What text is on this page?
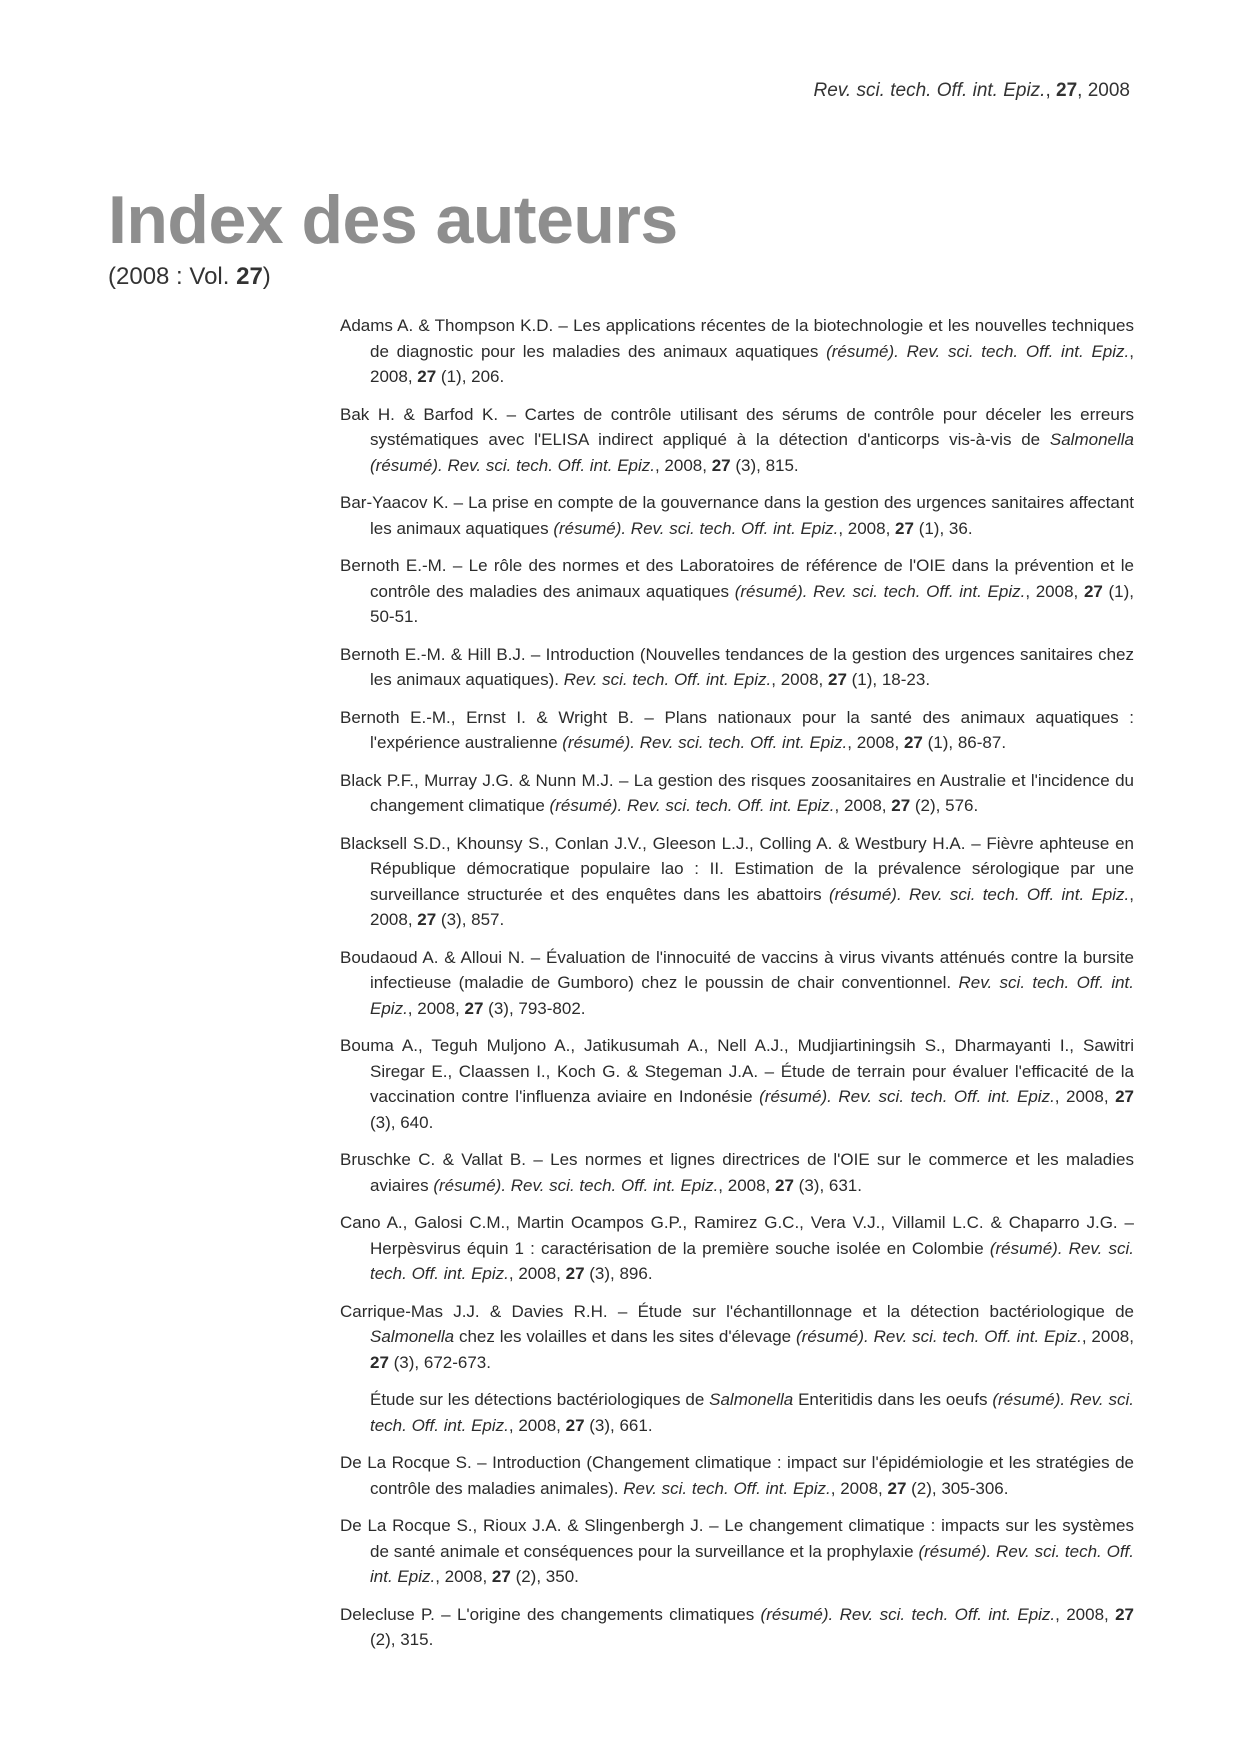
Rev. sci. tech. Off. int. Epiz., 27, 2008
Index des auteurs
(2008 : Vol. 27)

Adams A. & Thompson K.D. – Les applications récentes de la biotechnologie et les nouvelles techniques de diagnostic pour les maladies des animaux aquatiques (résumé). Rev. sci. tech. Off. int. Epiz., 2008, 27 (1), 206.

Bak H. & Barfod K. – Cartes de contrôle utilisant des sérums de contrôle pour déceler les erreurs systématiques avec l'ELISA indirect appliqué à la détection d'anticorps vis-à-vis de Salmonella (résumé). Rev. sci. tech. Off. int. Epiz., 2008, 27 (3), 815.

Bar-Yaacov K. – La prise en compte de la gouvernance dans la gestion des urgences sanitaires affectant les animaux aquatiques (résumé). Rev. sci. tech. Off. int. Epiz., 2008, 27 (1), 36.

Bernoth E.-M. – Le rôle des normes et des Laboratoires de référence de l'OIE dans la prévention et le contrôle des maladies des animaux aquatiques (résumé). Rev. sci. tech. Off. int. Epiz., 2008, 27 (1), 50-51.

Bernoth E.-M. & Hill B.J. – Introduction (Nouvelles tendances de la gestion des urgences sanitaires chez les animaux aquatiques). Rev. sci. tech. Off. int. Epiz., 2008, 27 (1), 18-23.

Bernoth E.-M., Ernst I. & Wright B. – Plans nationaux pour la santé des animaux aquatiques : l'expérience australienne (résumé). Rev. sci. tech. Off. int. Epiz., 2008, 27 (1), 86-87.

Black P.F., Murray J.G. & Nunn M.J. – La gestion des risques zoosanitaires en Australie et l'incidence du changement climatique (résumé). Rev. sci. tech. Off. int. Epiz., 2008, 27 (2), 576.

Blacksell S.D., Khounsy S., Conlan J.V., Gleeson L.J., Colling A. & Westbury H.A. – Fièvre aphteuse en République démocratique populaire lao : II. Estimation de la prévalence sérologique par une surveillance structurée et des enquêtes dans les abattoirs (résumé). Rev. sci. tech. Off. int. Epiz., 2008, 27 (3), 857.

Boudaoud A. & Alloui N. – Évaluation de l'innocuité de vaccins à virus vivants atténués contre la bursite infectieuse (maladie de Gumboro) chez le poussin de chair conventionnel. Rev. sci. tech. Off. int. Epiz., 2008, 27 (3), 793-802.

Bouma A., Teguh Muljono A., Jatikusumah A., Nell A.J., Mudjiartiningsih S., Dharmayanti I., Sawitri Siregar E., Claassen I., Koch G. & Stegeman J.A. – Étude de terrain pour évaluer l'efficacité de la vaccination contre l'influenza aviaire en Indonésie (résumé). Rev. sci. tech. Off. int. Epiz., 2008, 27 (3), 640.

Bruschke C. & Vallat B. – Les normes et lignes directrices de l'OIE sur le commerce et les maladies aviaires (résumé). Rev. sci. tech. Off. int. Epiz., 2008, 27 (3), 631.

Cano A., Galosi C.M., Martin Ocampos G.P., Ramirez G.C., Vera V.J., Villamil L.C. & Chaparro J.G. – Herpèsvirus équin 1 : caractérisation de la première souche isolée en Colombie (résumé). Rev. sci. tech. Off. int. Epiz., 2008, 27 (3), 896.

Carrique-Mas J.J. & Davies R.H. – Étude sur l'échantillonnage et la détection bactériologique de Salmonella chez les volailles et dans les sites d'élevage (résumé). Rev. sci. tech. Off. int. Epiz., 2008, 27 (3), 672-673.

Étude sur les détections bactériologiques de Salmonella Enteritidis dans les oeufs (résumé). Rev. sci. tech. Off. int. Epiz., 2008, 27 (3), 661.

De La Rocque S. – Introduction (Changement climatique : impact sur l'épidémiologie et les stratégies de contrôle des maladies animales). Rev. sci. tech. Off. int. Epiz., 2008, 27 (2), 305-306.

De La Rocque S., Rioux J.A. & Slingenbergh J. – Le changement climatique : impacts sur les systèmes de santé animale et conséquences pour la surveillance et la prophylaxie (résumé). Rev. sci. tech. Off. int. Epiz., 2008, 27 (2), 350.

Delecluse P. – L'origine des changements climatiques (résumé). Rev. sci. tech. Off. int. Epiz., 2008, 27 (2), 315.
